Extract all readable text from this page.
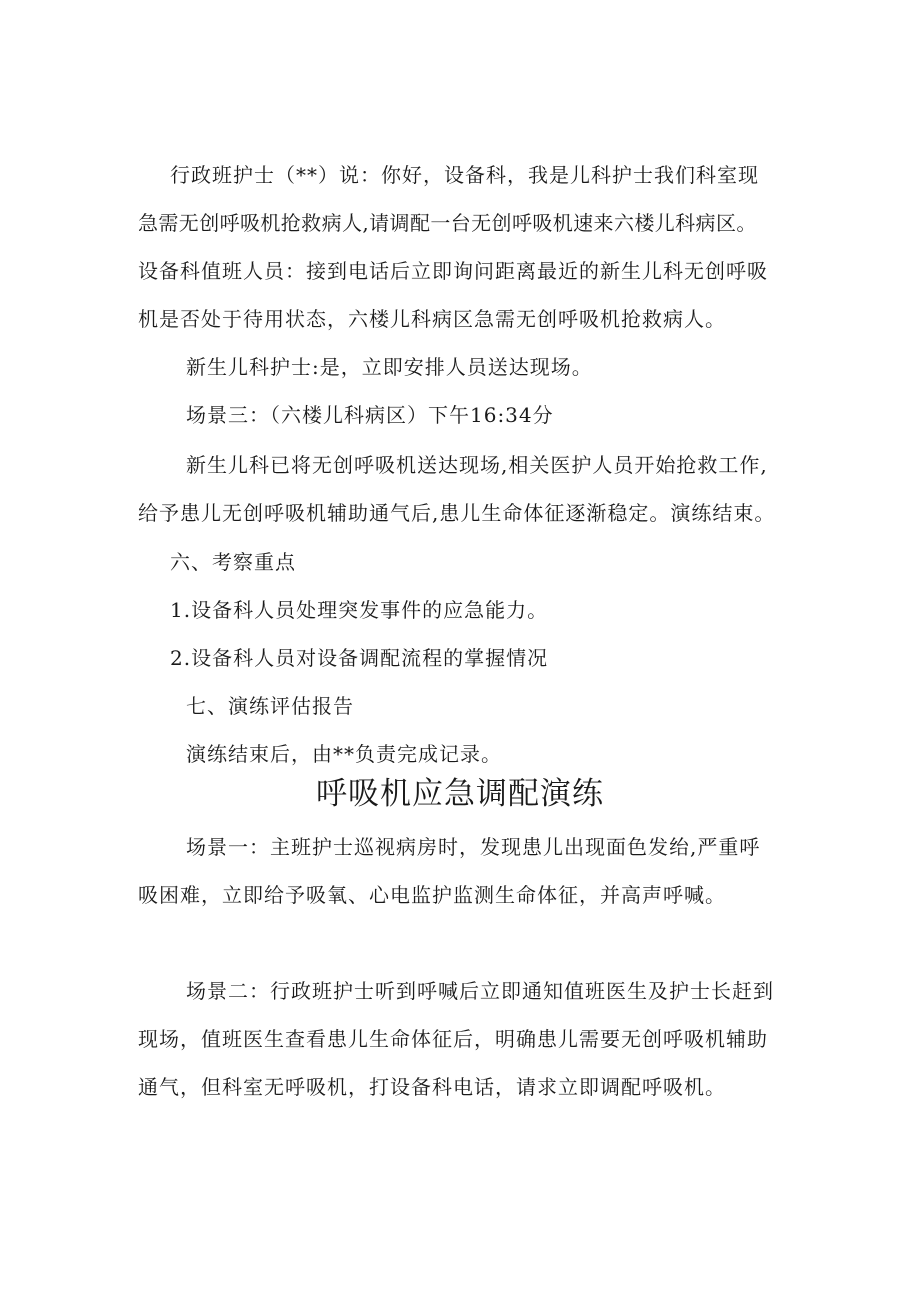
行政班护士（**）说：你好，设备科，我是儿科护士我们科室现
急需无创呼吸机抢救病人,请调配一台无创呼吸机速来六楼儿科病区。
设备科值班人员：接到电话后立即询问距离最近的新生儿科无创呼吸
机是否处于待用状态，六楼儿科病区急需无创呼吸机抢救病人。
新生儿科护士:是，立即安排人员送达现场。
场景三：（六楼儿科病区）下午16:34分
新生儿科已将无创呼吸机送达现场,相关医护人员开始抢救工作,
给予患儿无创呼吸机辅助通气后,患儿生命体征逐渐稳定。演练结束。
六、考察重点
1.设备科人员处理突发事件的应急能力。
2.设备科人员对设备调配流程的掌握情况
七、演练评估报告
演练结束后，由**负责完成记录。
呼吸机应急调配演练
场景一：主班护士巡视病房时，发现患儿出现面色发绐,严重呼
吸困难，立即给予吸氧、心电监护监测生命体征，并高声呼喊。
场景二：行政班护士听到呼喊后立即通知值班医生及护士长赶到
现场，值班医生查看患儿生命体征后，明确患儿需要无创呼吸机辅助
通气，但科室无呼吸机，打设备科电话，请求立即调配呼吸机。
